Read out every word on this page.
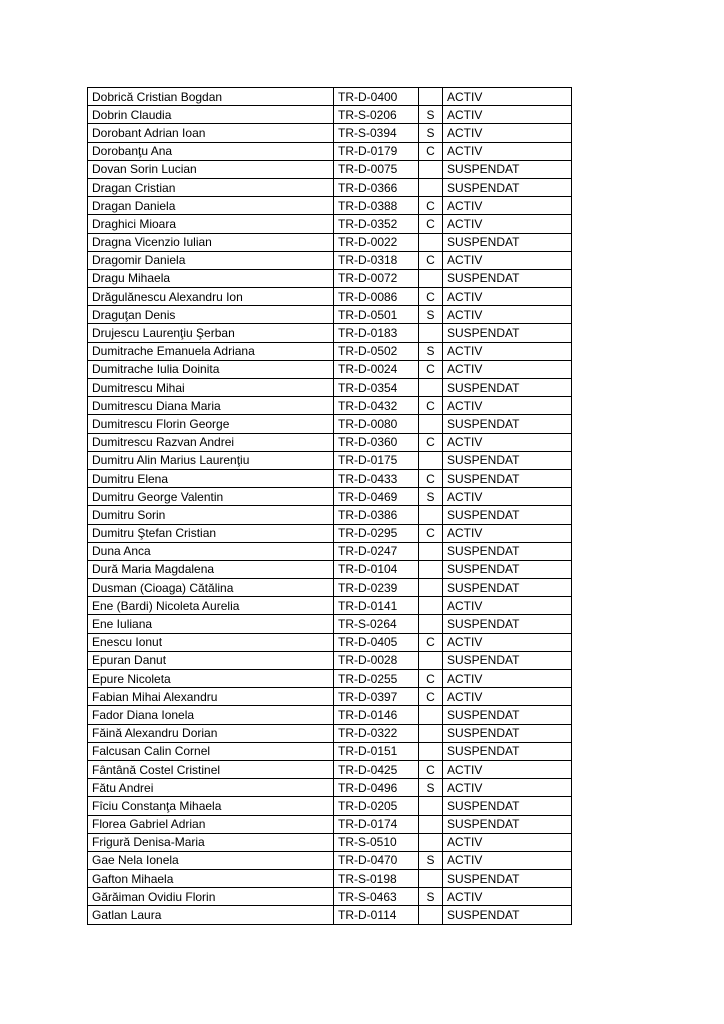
Dobrică Cristian Bogdan	TR-D-0400		ACTIV
Dobrin Claudia	TR-S-0206	S	ACTIV
Dorobant Adrian Ioan	TR-S-0394	S	ACTIV
Dorobanţu Ana	TR-D-0179	C	ACTIV
Dovan Sorin Lucian	TR-D-0075		SUSPENDAT
Dragan Cristian	TR-D-0366		SUSPENDAT
Dragan Daniela	TR-D-0388	C	ACTIV
Draghici Mioara	TR-D-0352	C	ACTIV
Dragna Vicenzio Iulian	TR-D-0022		SUSPENDAT
Dragomir Daniela	TR-D-0318	C	ACTIV
Dragu Mihaela	TR-D-0072		SUSPENDAT
Drăgulănescu Alexandru Ion	TR-D-0086	C	ACTIV
Draguţan Denis	TR-D-0501	S	ACTIV
Drujescu Laurenţiu Şerban	TR-D-0183		SUSPENDAT
Dumitrache Emanuela Adriana	TR-D-0502	S	ACTIV
Dumitrache Iulia Doinita	TR-D-0024	C	ACTIV
Dumitrescu Mihai	TR-D-0354		SUSPENDAT
Dumitrescu Diana Maria	TR-D-0432	C	ACTIV
Dumitrescu Florin George	TR-D-0080		SUSPENDAT
Dumitrescu Razvan Andrei	TR-D-0360	C	ACTIV
Dumitru Alin Marius Laurenţiu	TR-D-0175		SUSPENDAT
Dumitru Elena	TR-D-0433	C	SUSPENDAT
Dumitru George Valentin	TR-D-0469	S	ACTIV
Dumitru Sorin	TR-D-0386		SUSPENDAT
Dumitru Ştefan Cristian	TR-D-0295	C	ACTIV
Duna Anca	TR-D-0247		SUSPENDAT
Dură Maria Magdalena	TR-D-0104		SUSPENDAT
Dusman (Cioaga) Cătălina	TR-D-0239		SUSPENDAT
Ene (Bardi) Nicoleta Aurelia	TR-D-0141		ACTIV
Ene Iuliana	TR-S-0264		SUSPENDAT
Enescu Ionut	TR-D-0405	C	ACTIV
Epuran Danut	TR-D-0028		SUSPENDAT
Epure Nicoleta	TR-D-0255	C	ACTIV
Fabian Mihai Alexandru	TR-D-0397	C	ACTIV
Fador Diana Ionela	TR-D-0146		SUSPENDAT
Făină Alexandru Dorian	TR-D-0322		SUSPENDAT
Falcusan Calin Cornel	TR-D-0151		SUSPENDAT
Fântână Costel Cristinel	TR-D-0425	C	ACTIV
Fătu Andrei	TR-D-0496	S	ACTIV
Fîciu Constanţa Mihaela	TR-D-0205		SUSPENDAT
Florea Gabriel Adrian	TR-D-0174		SUSPENDAT
Frigură Denisa-Maria	TR-S-0510		ACTIV
Gae Nela Ionela	TR-D-0470	S	ACTIV
Gafton Mihaela	TR-S-0198		SUSPENDAT
Gărăiman Ovidiu Florin	TR-S-0463	S	ACTIV
Gatlan Laura	TR-D-0114		SUSPENDAT
